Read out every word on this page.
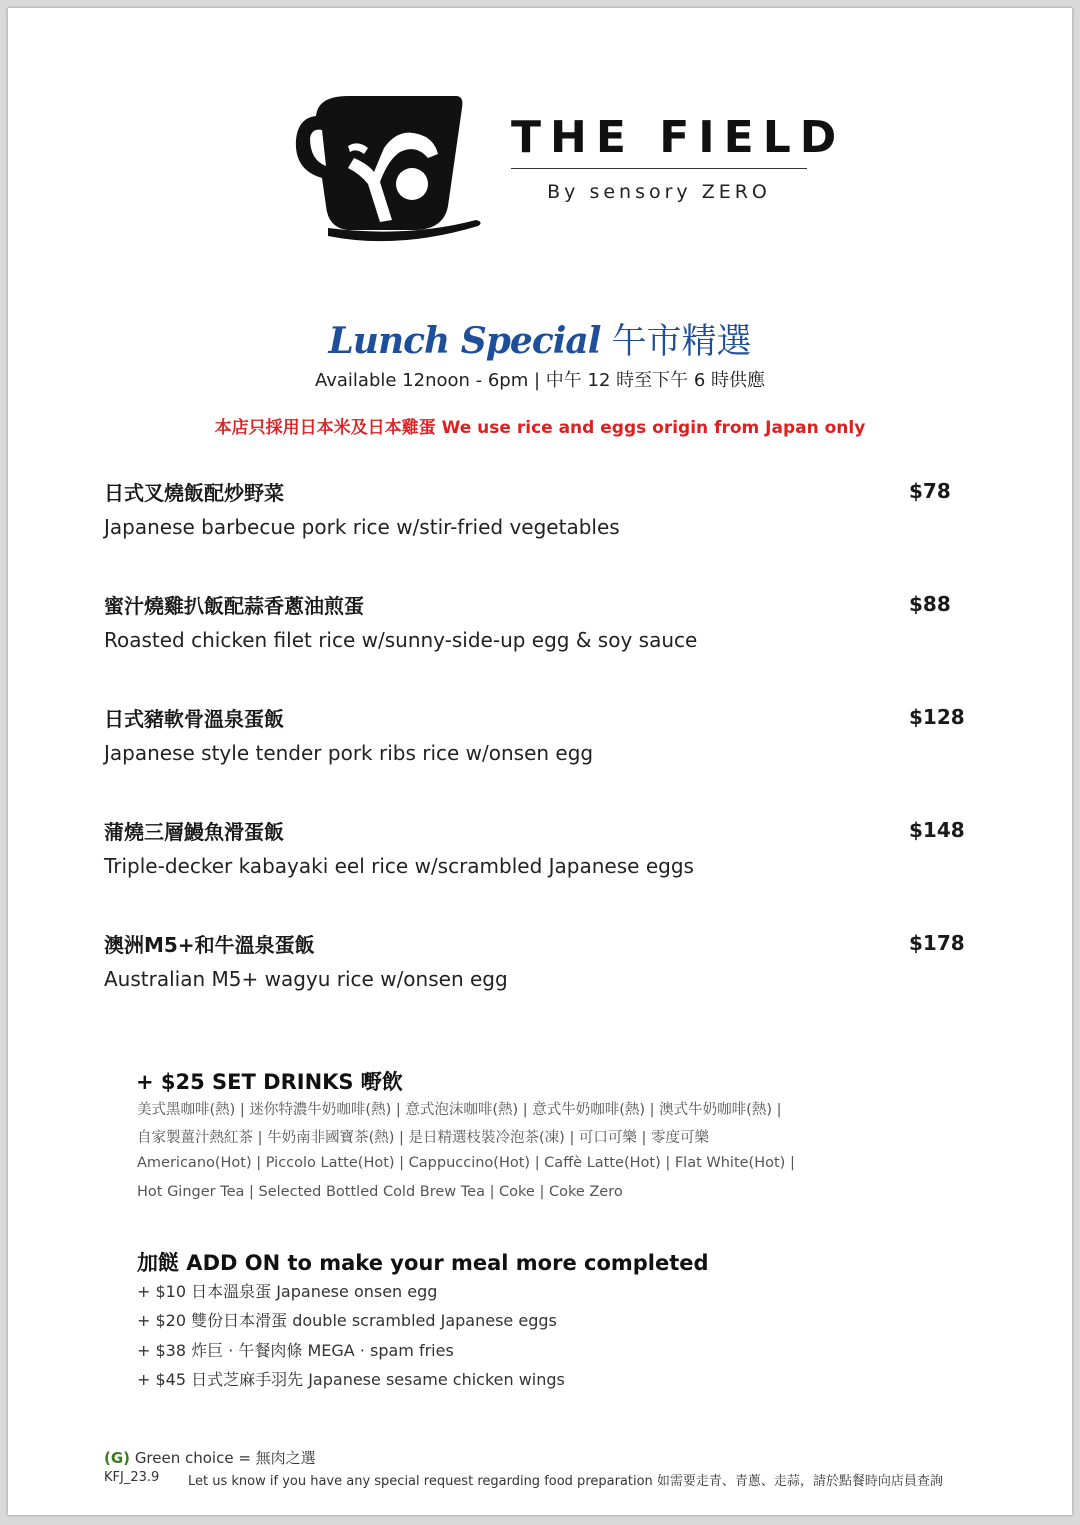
THE FIELD
By sensory ZERO
Lunch Special 午市精選
Available 12noon - 6pm | 中午 12 時至下午 6 時供應
本店只採用日本米及日本雞蛋 We use rice and eggs origin from Japan only
日式叉燒飯配炒野菜
Japanese barbecue pork rice w/stir-fried vegetables
$78
蜜汁燒雞扒飯配蒜香蔥油煎蛋
Roasted chicken filet rice w/sunny-side-up egg & soy sauce
$88
日式豬軟骨溫泉蛋飯
Japanese style tender pork ribs rice w/onsen egg
$128
蒲燒三層鰻魚滑蛋飯
Triple-decker kabayaki eel rice w/scrambled Japanese eggs
$148
澳洲M5+和牛溫泉蛋飯
Australian M5+ wagyu rice w/onsen egg
$178
+ $25 SET DRINKS 嘢飲
美式黑咖啡(熱) | 迷你特濃牛奶咖啡(熱) | 意式泡沫咖啡(熱) | 意式牛奶咖啡(熱) | 澳式牛奶咖啡(熱) |
自家製薑汁熱紅茶 | 牛奶南非國寶茶(熱) | 是日精選枝裝冷泡茶(凍) | 可口可樂 | 零度可樂
Americano(Hot) | Piccolo Latte(Hot) | Cappuccino(Hot) | Caffè Latte(Hot) | Flat White(Hot) |
Hot Ginger Tea | Selected Bottled Cold Brew Tea | Coke | Coke Zero
加餸 ADD ON to make your meal more completed
+ $10 日本溫泉蛋 Japanese onsen egg
+ $20 雙份日本滑蛋 double scrambled Japanese eggs
+ $38 炸巨 · 午餐肉條 MEGA · spam fries
+ $45 日式芝麻手羽先 Japanese sesame chicken wings
(G) Green choice = 無肉之選
KFJ_23.9 Let us know if you have any special request regarding food preparation 如需要走青、青蔥、走蒜，請於點餐時向店員查詢
